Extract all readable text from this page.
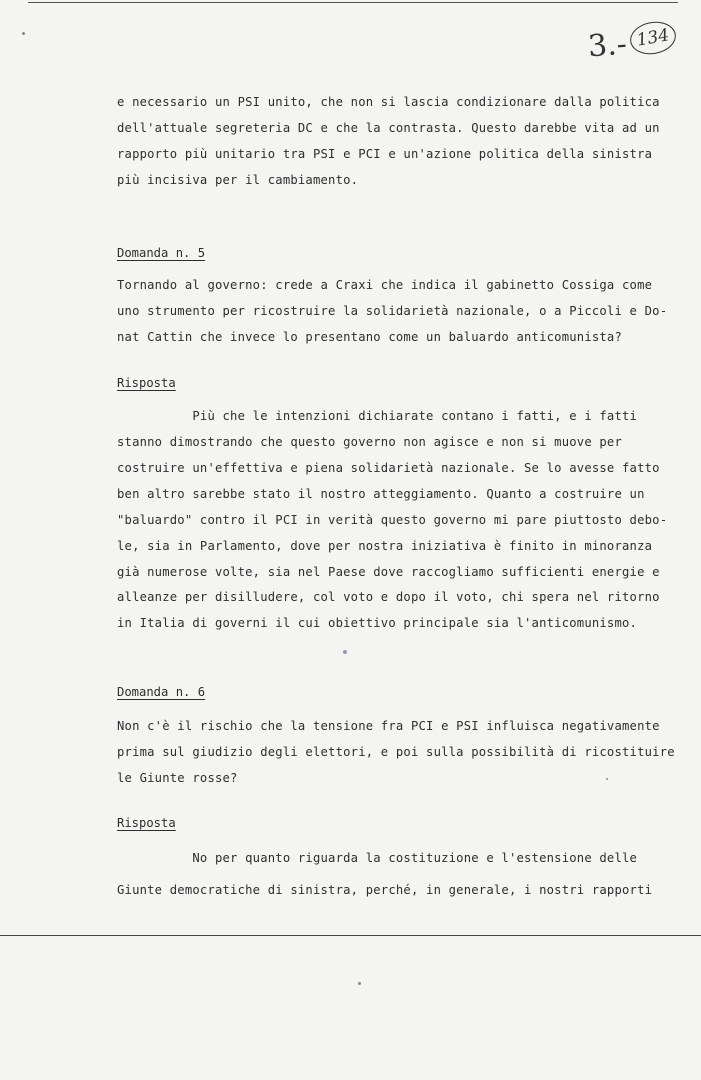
3.- 134
e necessario un PSI unito, che non si lascia condizionare dalla politica
dell'attuale segreteria DC e che la contrasta. Questo darebbe vita ad un
rapporto più unitario tra PSI e PCI e un'azione politica della sinistra
più incisiva per il cambiamento.
Domanda n. 5
Tornando al governo: crede a Craxi che indica il gabinetto Cossiga come
uno strumento per ricostruire la solidarietà nazionale, o a Piccoli e Do-
nat Cattin che invece lo presentano come un baluardo anticomunista?
Risposta
Più che le intenzioni dichiarate contano i fatti, e i fatti
stanno dimostrando che questo governo non agisce e non si muove per
costruire un'effettiva e piena solidarietà nazionale. Se lo avesse fatto
ben altro sarebbe stato il nostro atteggiamento. Quanto a costruire un
"baluardo" contro il PCI in verità questo governo mi pare piuttosto debo-
le, sia in Parlamento, dove per nostra iniziativa è finito in minoranza
già numerose volte, sia nel Paese dove raccogliamo sufficienti energie e
alleanze per disilludere, col voto e dopo il voto, chi spera nel ritorno
in Italia di governi il cui obiettivo principale sia l'anticomunismo.
Domanda n. 6
Non c'è il rischio che la tensione fra PCI e PSI influisca negativamente
prima sul giudizio degli elettori, e poi sulla possibilità di ricostituire
le Giunte rosse?
Risposta
No per quanto riguarda la costituzione e l'estensione delle
Giunte democratiche di sinistra, perché, in generale, i nostri rapporti
